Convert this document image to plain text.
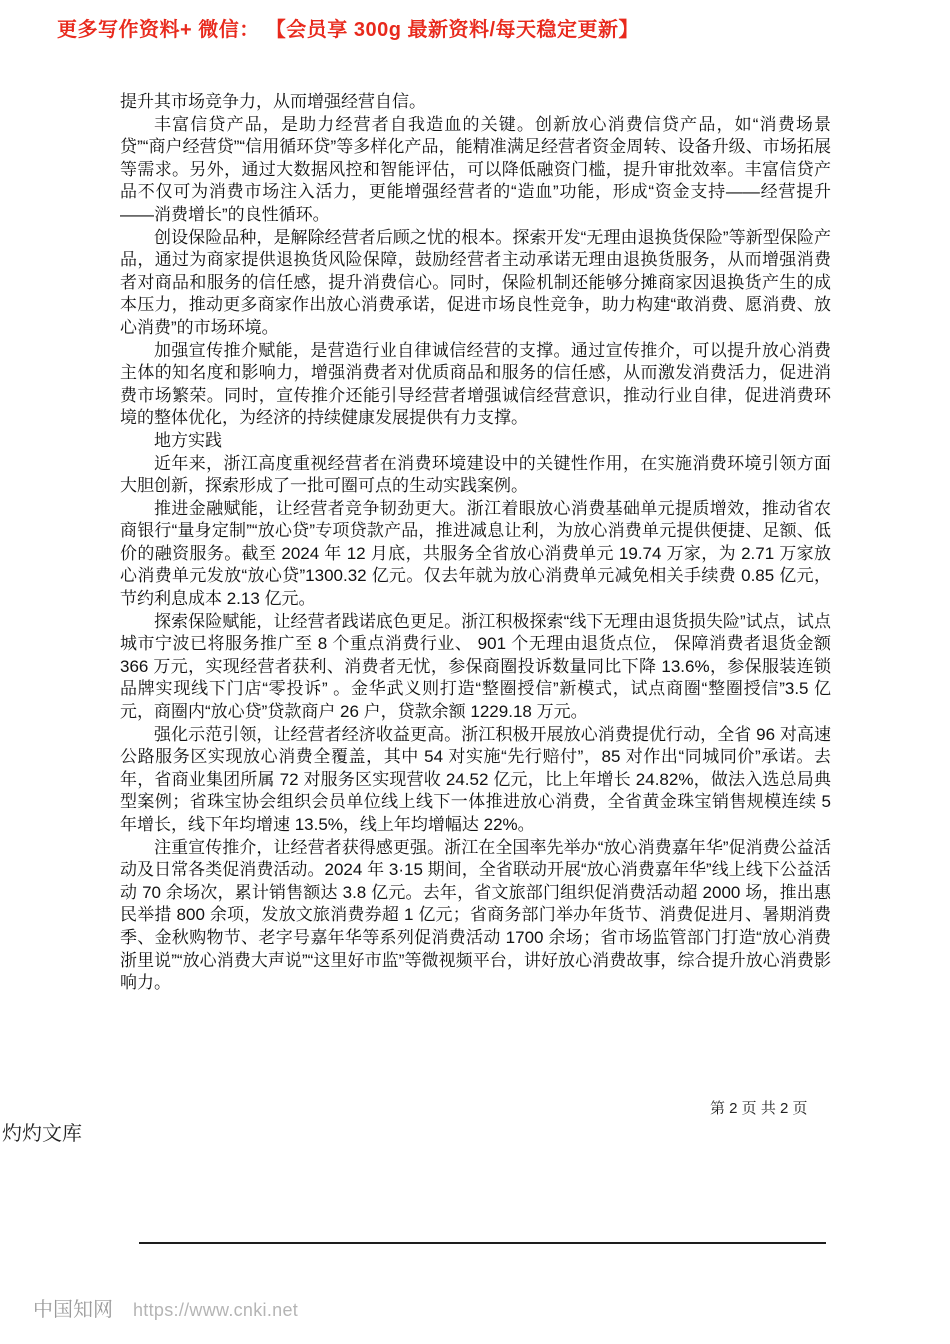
更多写作资料+ 微信： 【会员享 300g 最新资料/每天稳定更新】

提升其市场竞争力，从而增强经营自信。

丰富信贷产品，是助力经营者自我造血的关键。创新放心消费信贷产品，如“消费场景贷”“商户经营贷”“信用循环贷”等多样化产品，能精准满足经营者资金周转、设备升级、市场拓展等需求。另外，通过大数据风控和智能评估，可以降低融资门槛，提升审批效率。丰富信贷产品不仅可为消费市场注入活力，更能增强经营者的“造血”功能，形成“资金支持——经营提升——消费增长”的良性循环。

创设保险品种，是解除经营者后顾之忧的根本。探索开发“无理由退换货保险”等新型保险产品，通过为商家提供退换货风险保障，鼓励经营者主动承诺无理由退换货服务，从而增强消费者对商品和服务的信任感，提升消费信心。同时，保险机制还能够分摊商家因退换货产生的成本压力，推动更多商家作出放心消费承诺，促进市场良性竞争，助力构建“敢消费、愿消费、放心消费”的市场环境。

加强宣传推介赋能，是营造行业自律诚信经营的支撑。通过宣传推介，可以提升放心消费主体的知名度和影响力，增强消费者对优质商品和服务的信任感，从而激发消费活力，促进消费市场繁荣。同时，宣传推介还能引导经营者增强诚信经营意识，推动行业自律，促进消费环境的整体优化，为经济的持续健康发展提供有力支撑。

地方实践

近年来，浙江高度重视经营者在消费环境建设中的关键性作用，在实施消费环境引领方面大胆创新，探索形成了一批可圈可点的生动实践案例。

推进金融赋能，让经营者竞争韧劲更大。浙江着眼放心消费基础单元提质增效，推动省农商银行“量身定制”“放心贷”专项贷款产品，推进减息让利，为放心消费单元提供便捷、足额、低价的融资服务。截至 2024 年 12 月底，共服务全省放心消费单元 19.74 万家，为 2.71 万家放心消费单元发放“放心贷”1300.32 亿元。仅去年就为放心消费单元减免相关手续费 0.85 亿元，节约利息成本 2.13 亿元。

探索保险赋能，让经营者践诺底色更足。浙江积极探索“线下无理由退货损失险”试点，试点城市宁波已将服务推广至 8 个重点消费行业、 901 个无理由退货点位， 保障消费者退货金额 366 万元，实现经营者获利、消费者无忧，参保商圈投诉数量同比下降 13.6%，参保服装连锁品牌实现线下门店“零投诉” 。金华武义则打造“整圈授信”新模式，试点商圈“整圈授信”3.5 亿元，商圈内“放心贷”贷款商户 26 户，贷款余额 1229.18 万元。

强化示范引领，让经营者经济收益更高。浙江积极开展放心消费提优行动，全省 96 对高速公路服务区实现放心消费全覆盖，其中 54 对实施“先行赔付”，85 对作出“同城同价”承诺。去年，省商业集团所属 72 对服务区实现营收 24.52 亿元，比上年增长 24.82%，做法入选总局典型案例；省珠宝协会组织会员单位线上线下一体推进放心消费，全省黄金珠宝销售规模连续 5 年增长，线下年均增速 13.5%，线上年均增幅达 22%。

注重宣传推介，让经营者获得感更强。浙江在全国率先举办“放心消费嘉年华”促消费公益活动及日常各类促消费活动。2024 年 3·15 期间，全省联动开展“放心消费嘉年华”线上线下公益活动 70 余场次，累计销售额达 3.8 亿元。去年，省文旅部门组织促消费活动超 2000 场，推出惠民举措 800 余项，发放文旅消费券超 1 亿元；省商务部门举办年货节、消费促进月、暑期消费季、金秋购物节、老字号嘉年华等系列促消费活动 1700 余场；省市场监管部门打造“放心消费浙里说”“放心消费大声说”“这里好市监”等微视频平台，讲好放心消费故事，综合提升放心消费影响力。

第 2 页 共 2 页
灼灼文库
中国知网 https://www.cnki.net
